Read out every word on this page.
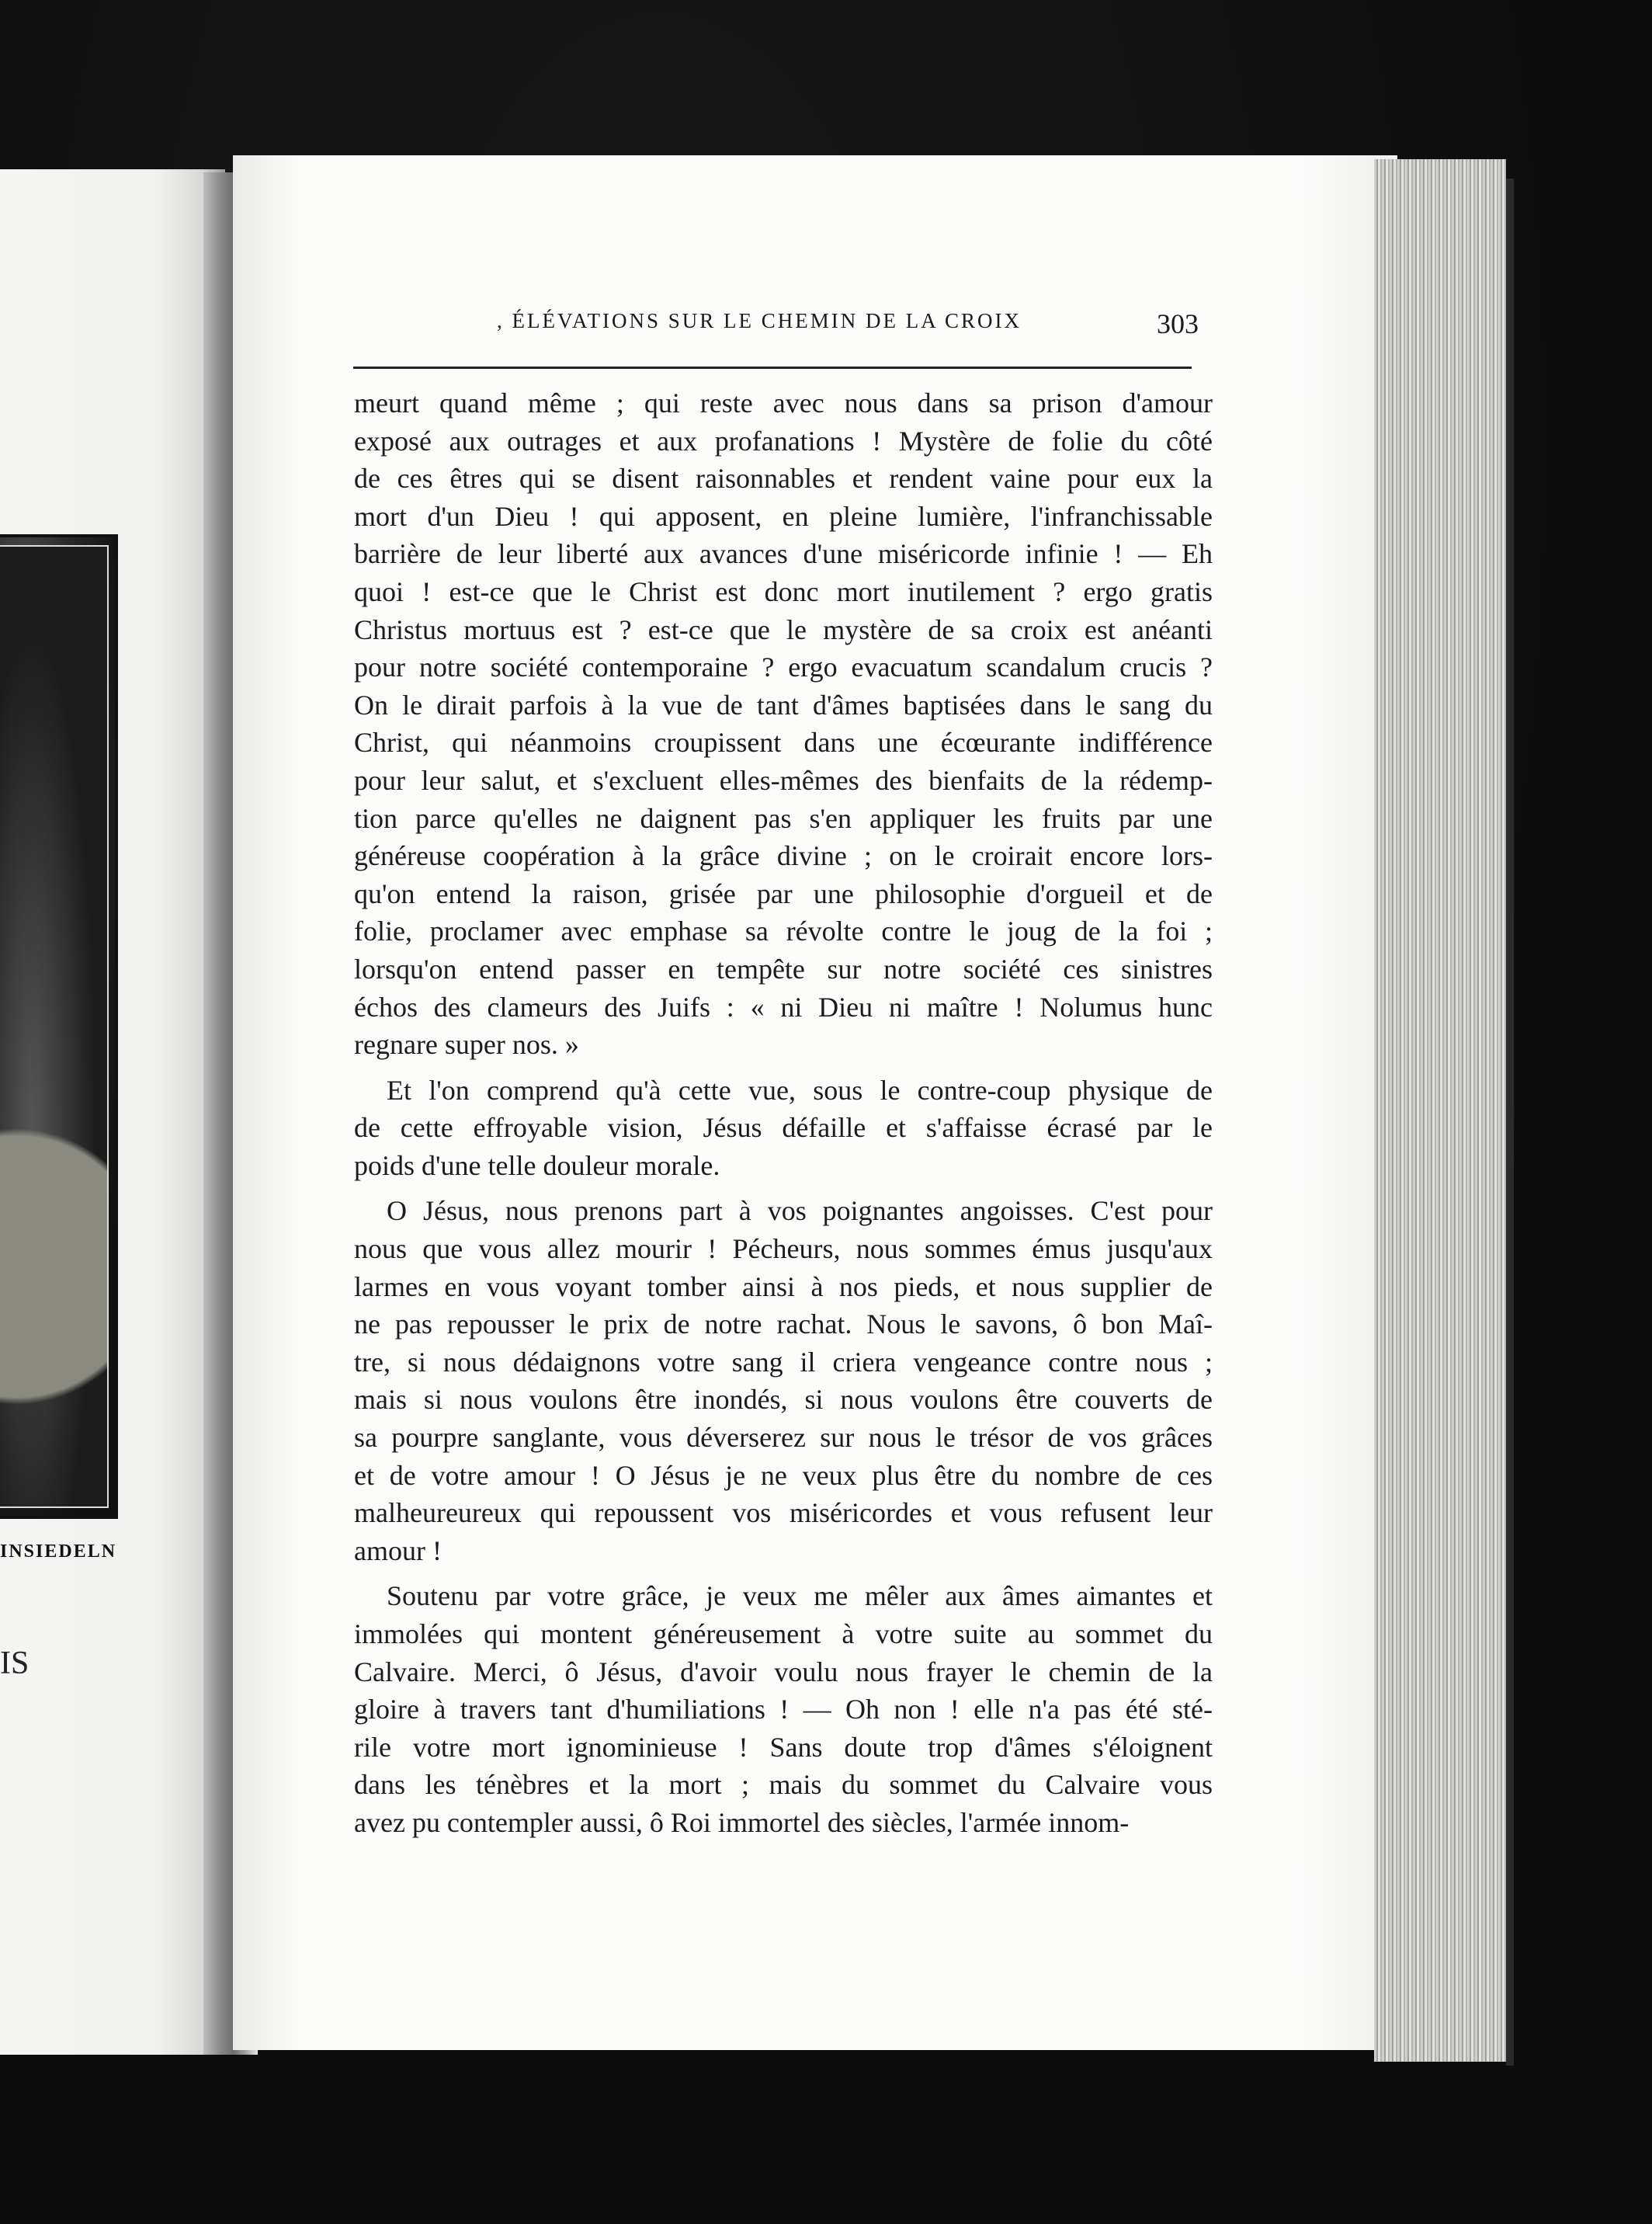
INSIEDELN
IS
, ÉLÉVATIONS SUR LE CHEMIN DE LA CROIX	303
meurt quand même ; qui reste avec nous dans sa prison d'amour
exposé aux outrages et aux profanations ! Mystère de folie du côté
de ces êtres qui se disent raisonnables et rendent vaine pour eux la
mort d'un Dieu ! qui apposent, en pleine lumière, l'infranchissable
barrière de leur liberté aux avances d'une miséricorde infinie ! — Eh
quoi ! est-ce que le Christ est donc mort inutilement ? ergo gratis
Christus mortuus est ? est-ce que le mystère de sa croix est anéanti
pour notre société contemporaine ? ergo evacuatum scandalum crucis ?
On le dirait parfois à la vue de tant d'âmes baptisées dans le sang du
Christ, qui néanmoins croupissent dans une écœurante indifférence
pour leur salut, et s'excluent elles-mêmes des bienfaits de la rédemp-
tion parce qu'elles ne daignent pas s'en appliquer les fruits par une
généreuse coopération à la grâce divine ; on le croirait encore lors-
qu'on entend la raison, grisée par une philosophie d'orgueil et de
folie, proclamer avec emphase sa révolte contre le joug de la foi ;
lorsqu'on entend passer en tempête sur notre société ces sinistres
échos des clameurs des Juifs : « ni Dieu ni maître ! Nolumus hunc
regnare super nos. »
Et l'on comprend qu'à cette vue, sous le contre-coup physique de
de cette effroyable vision, Jésus défaille et s'affaisse écrasé par le
poids d'une telle douleur morale.
O Jésus, nous prenons part à vos poignantes angoisses. C'est pour
nous que vous allez mourir ! Pécheurs, nous sommes émus jusqu'aux
larmes en vous voyant tomber ainsi à nos pieds, et nous supplier de
ne pas repousser le prix de notre rachat. Nous le savons, ô bon Maî-
tre, si nous dédaignons votre sang il criera vengeance contre nous ;
mais si nous voulons être inondés, si nous voulons être couverts de
sa pourpre sanglante, vous déverserez sur nous le trésor de vos grâces
et de votre amour ! O Jésus je ne veux plus être du nombre de ces
malheureureux qui repoussent vos miséricordes et vous refusent leur
amour !
Soutenu par votre grâce, je veux me mêler aux âmes aimantes et
immolées qui montent généreusement à votre suite au sommet du
Calvaire. Merci, ô Jésus, d'avoir voulu nous frayer le chemin de la
gloire à travers tant d'humiliations ! — Oh non ! elle n'a pas été sté-
rile votre mort ignominieuse ! Sans doute trop d'âmes s'éloignent
dans les ténèbres et la mort ; mais du sommet du Calvaire vous
avez pu contempler aussi, ô Roi immortel des siècles, l'armée innom-
